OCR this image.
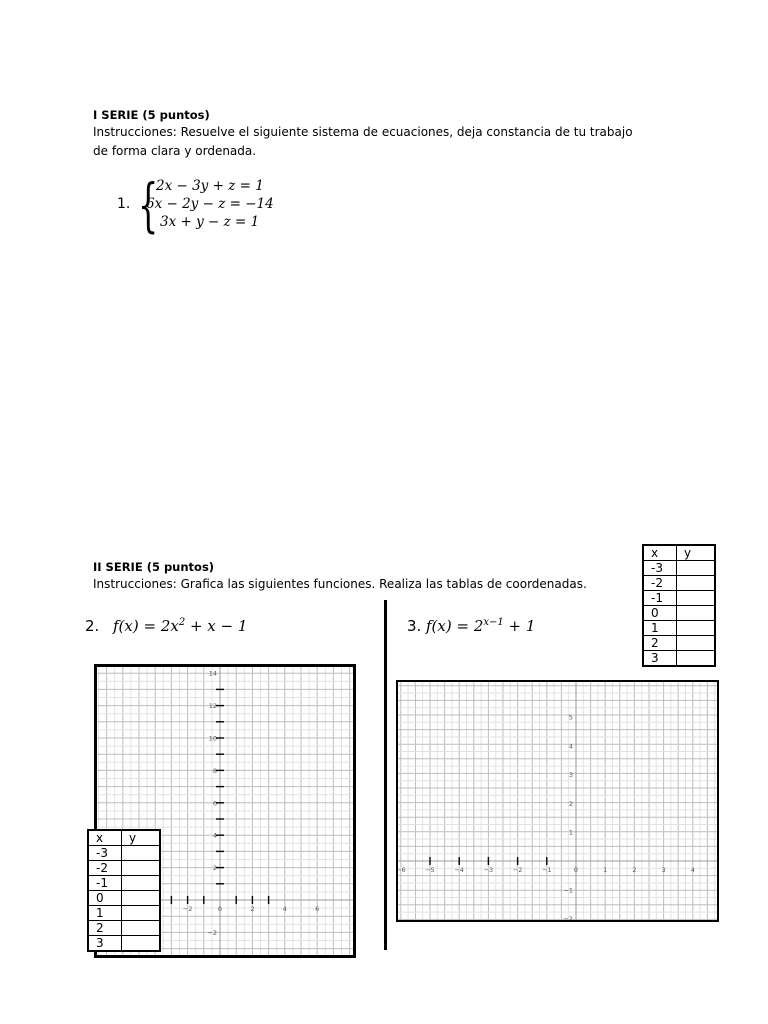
I SERIE (5 puntos)
Instrucciones: Resuelve el siguiente sistema de ecuaciones, deja constancia de tu trabajo
de forma clara y ordenada.
1. {
2x − 3y + z = 1
6x − 2y − z = −14
3x + y − z = 1
II SERIE (5 puntos)
Instrucciones: Grafica las siguientes funciones. Realiza las tablas de coordenadas.
2. $f(x) = 2x^2 + x - 1$	3. $f(x) = 2^{x-1} + 1$
−2	0	2	4	6
14
12
10
8
6
4
2
−2
−6	−5	−4	−3	−2	−1	0	1	2	3	4
5
4
3
2
1
−1
−2
x	y
-3	
-2	
-1	
0	
1	
2	
3	
x	y
-3	
-2	
-1	
0	
1	
2	
3	
